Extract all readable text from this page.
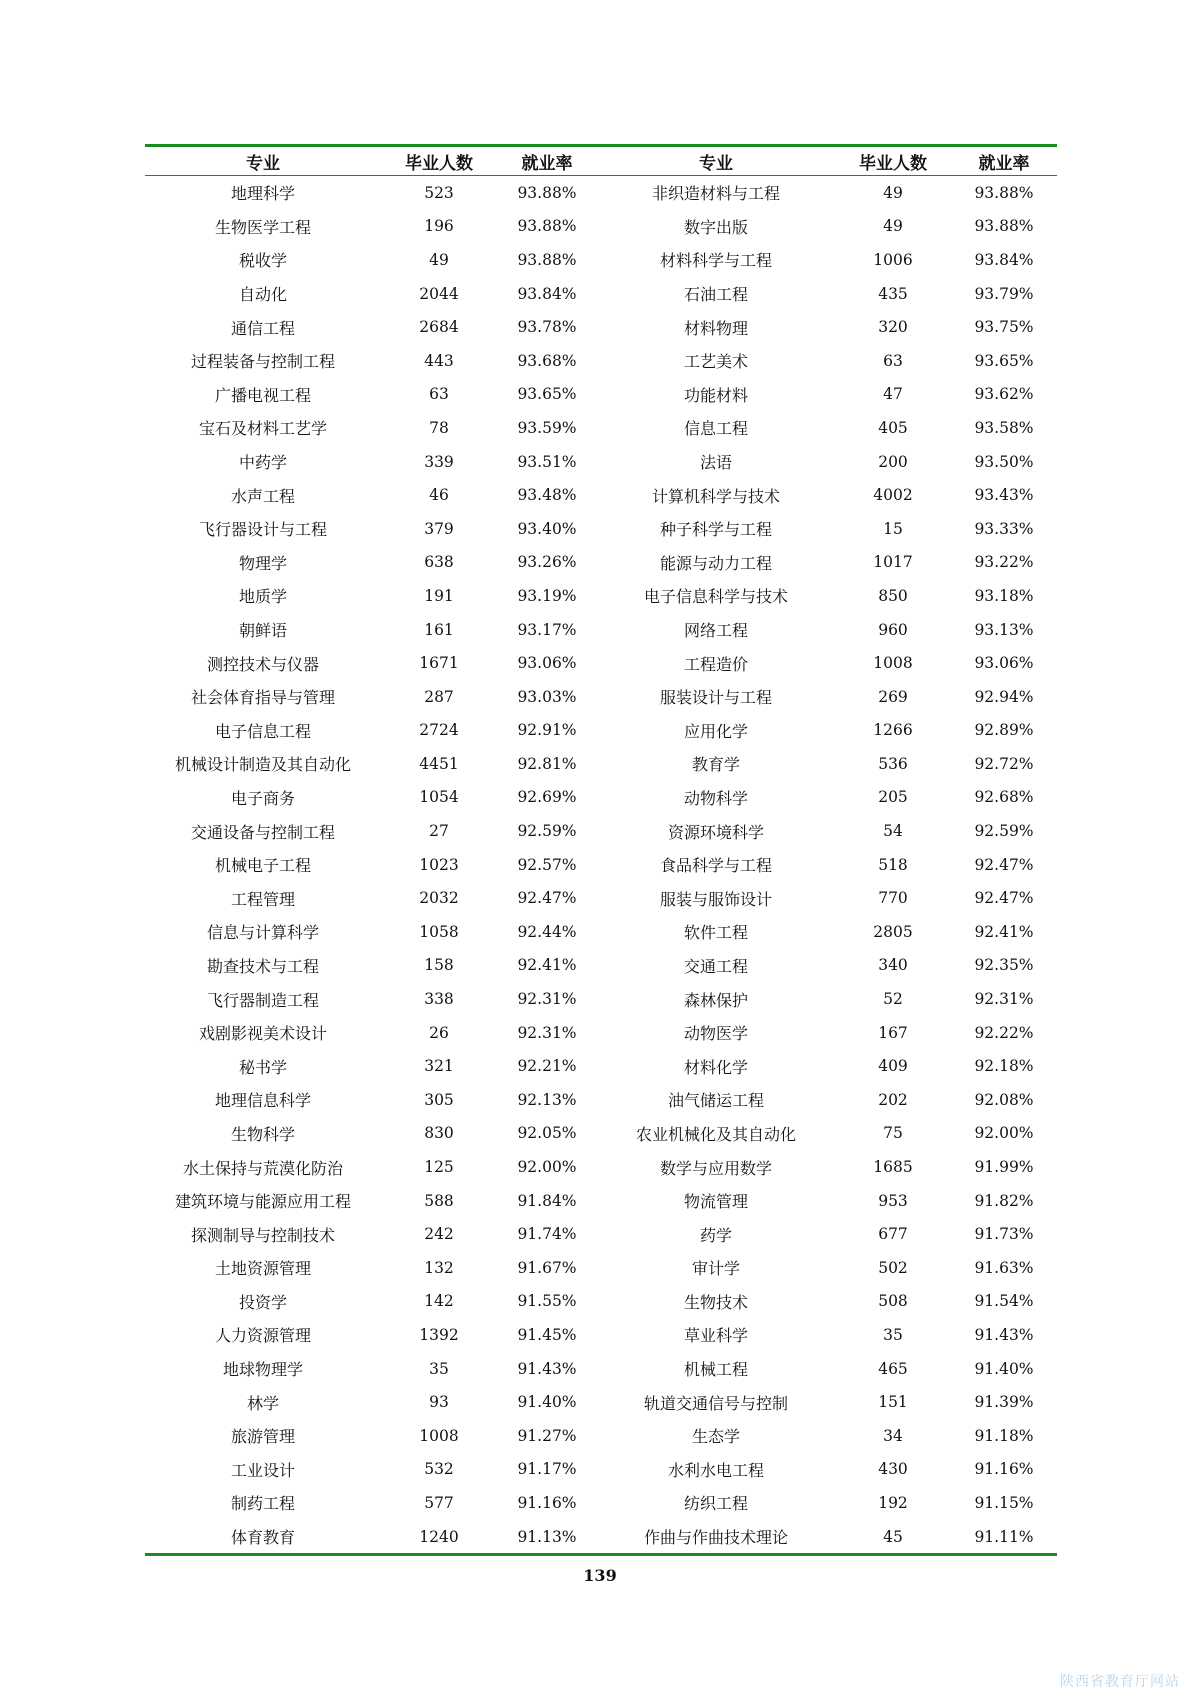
专业	毕业人数	就业率	专业	毕业人数	就业率
地理科学	523	93.88%	非织造材料与工程	49	93.88%
生物医学工程	196	93.88%	数字出版	49	93.88%
税收学	49	93.88%	材料科学与工程	1006	93.84%
自动化	2044	93.84%	石油工程	435	93.79%
通信工程	2684	93.78%	材料物理	320	93.75%
过程装备与控制工程	443	93.68%	工艺美术	63	93.65%
广播电视工程	63	93.65%	功能材料	47	93.62%
宝石及材料工艺学	78	93.59%	信息工程	405	93.58%
中药学	339	93.51%	法语	200	93.50%
水声工程	46	93.48%	计算机科学与技术	4002	93.43%
飞行器设计与工程	379	93.40%	种子科学与工程	15	93.33%
物理学	638	93.26%	能源与动力工程	1017	93.22%
地质学	191	93.19%	电子信息科学与技术	850	93.18%
朝鲜语	161	93.17%	网络工程	960	93.13%
测控技术与仪器	1671	93.06%	工程造价	1008	93.06%
社会体育指导与管理	287	93.03%	服装设计与工程	269	92.94%
电子信息工程	2724	92.91%	应用化学	1266	92.89%
机械设计制造及其自动化	4451	92.81%	教育学	536	92.72%
电子商务	1054	92.69%	动物科学	205	92.68%
交通设备与控制工程	27	92.59%	资源环境科学	54	92.59%
机械电子工程	1023	92.57%	食品科学与工程	518	92.47%
工程管理	2032	92.47%	服装与服饰设计	770	92.47%
信息与计算科学	1058	92.44%	软件工程	2805	92.41%
勘查技术与工程	158	92.41%	交通工程	340	92.35%
飞行器制造工程	338	92.31%	森林保护	52	92.31%
戏剧影视美术设计	26	92.31%	动物医学	167	92.22%
秘书学	321	92.21%	材料化学	409	92.18%
地理信息科学	305	92.13%	油气储运工程	202	92.08%
生物科学	830	92.05%	农业机械化及其自动化	75	92.00%
水土保持与荒漠化防治	125	92.00%	数学与应用数学	1685	91.99%
建筑环境与能源应用工程	588	91.84%	物流管理	953	91.82%
探测制导与控制技术	242	91.74%	药学	677	91.73%
土地资源管理	132	91.67%	审计学	502	91.63%
投资学	142	91.55%	生物技术	508	91.54%
人力资源管理	1392	91.45%	草业科学	35	91.43%
地球物理学	35	91.43%	机械工程	465	91.40%
林学	93	91.40%	轨道交通信号与控制	151	91.39%
旅游管理	1008	91.27%	生态学	34	91.18%
工业设计	532	91.17%	水利水电工程	430	91.16%
制药工程	577	91.16%	纺织工程	192	91.15%
体育教育	1240	91.13%	作曲与作曲技术理论	45	91.11%
139
陕西省教育厅网站
